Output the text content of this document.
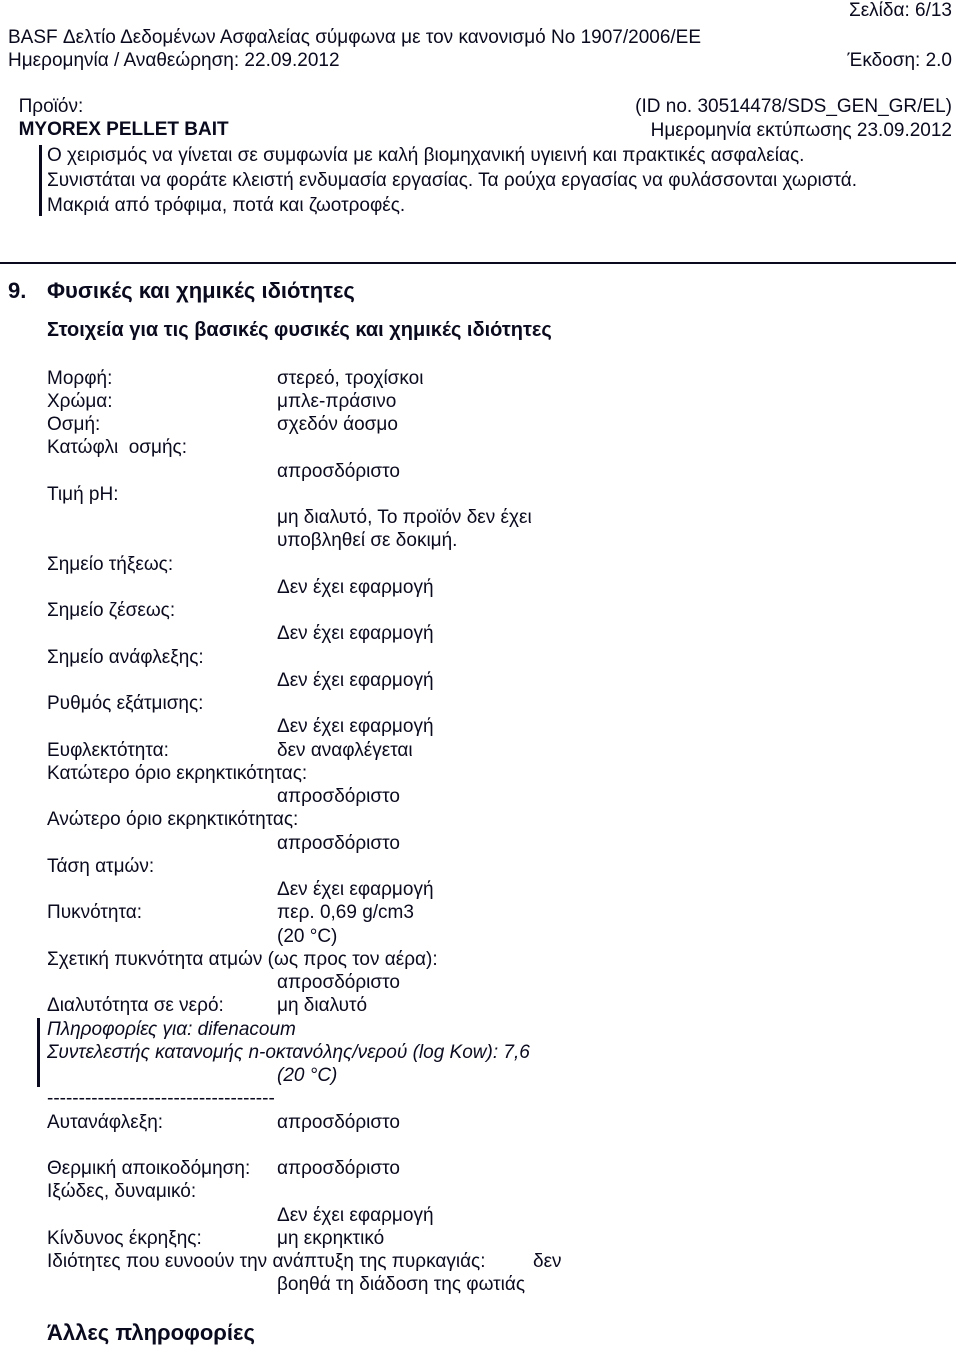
Σελίδα: 6/13
BASF Δελτίο Δεδομένων Ασφαλείας σύμφωνα με τον κανονισμό Νο 1907/2006/ΕΕ
Ημερομηνία / Αναθεώρηση: 22.09.2012	Έκδοση: 2.0

Προϊόν:
MYOREX PELLET BAIT

(ID no. 30514478/SDS_GEN_GR/EL)
Ημερομηνία εκτύπωσης 23.09.2012
Ο χειρισμός να γίνεται σε συμφωνία με καλή βιομηχανική υγιεινή και πρακτικές ασφαλείας.
Συνιστάται να φοράτε κλειστή ενδυμασία εργασίας. Τα ρούχα εργασίας να φυλάσσονται χωριστά.
Μακριά από τρόφιμα, ποτά και ζωοτροφές.
9. Φυσικές και χημικές ιδιότητες
Στοιχεία για τις βασικές φυσικές και χημικές ιδιότητες
Μορφή:	στερεό, τροχίσκοι
Χρώμα:	μπλε-πράσινο
Οσμή:	σχεδόν άοσμο
Κατώφλι  οσμής:
απροσδόριστο
Τιμή pH:
μη διαλυτό, Το προϊόν δεν έχει
υποβληθεί σε δοκιμή.
Σημείο τήξεως:
Δεν έχει εφαρμογή
Σημείο ζέσεως:
Δεν έχει εφαρμογή
Σημείο ανάφλεξης:
Δεν έχει εφαρμογή
Ρυθμός εξάτμισης:
Δεν έχει εφαρμογή
Ευφλεκτότητα:	δεν αναφλέγεται
Κατώτερο όριο εκρηκτικότητας:
απροσδόριστο
Ανώτερο όριο εκρηκτικότητας:
απροσδόριστο
Τάση ατμών:
Δεν έχει εφαρμογή
Πυκνότητα:	περ. 0,69 g/cm3
(20 °C)
Σχετική πυκνότητα ατμών (ως προς τον αέρα):
απροσδόριστο
Διαλυτότητα σε νερό:	μη διαλυτό
Πληροφορίες για: difenacoum
Συντελεστής κατανομής n-οκτανόλης/νερού (log Kow): 7,6
(20 °C)
------------------------------------
Αυτανάφλεξη:	απροσδόριστο
Θερμική αποικοδόμηση: απροσδόριστο
Ιξώδες, δυναμικό:
Δεν έχει εφαρμογή
Κίνδυνος έκρηξης:	μη εκρηκτικό
Ιδιότητες που ευνοούν την ανάπτυξη της πυρκαγιάς:	δεν
βοηθά τη διάδοση της φωτιάς
Άλλες πληροφορίες
